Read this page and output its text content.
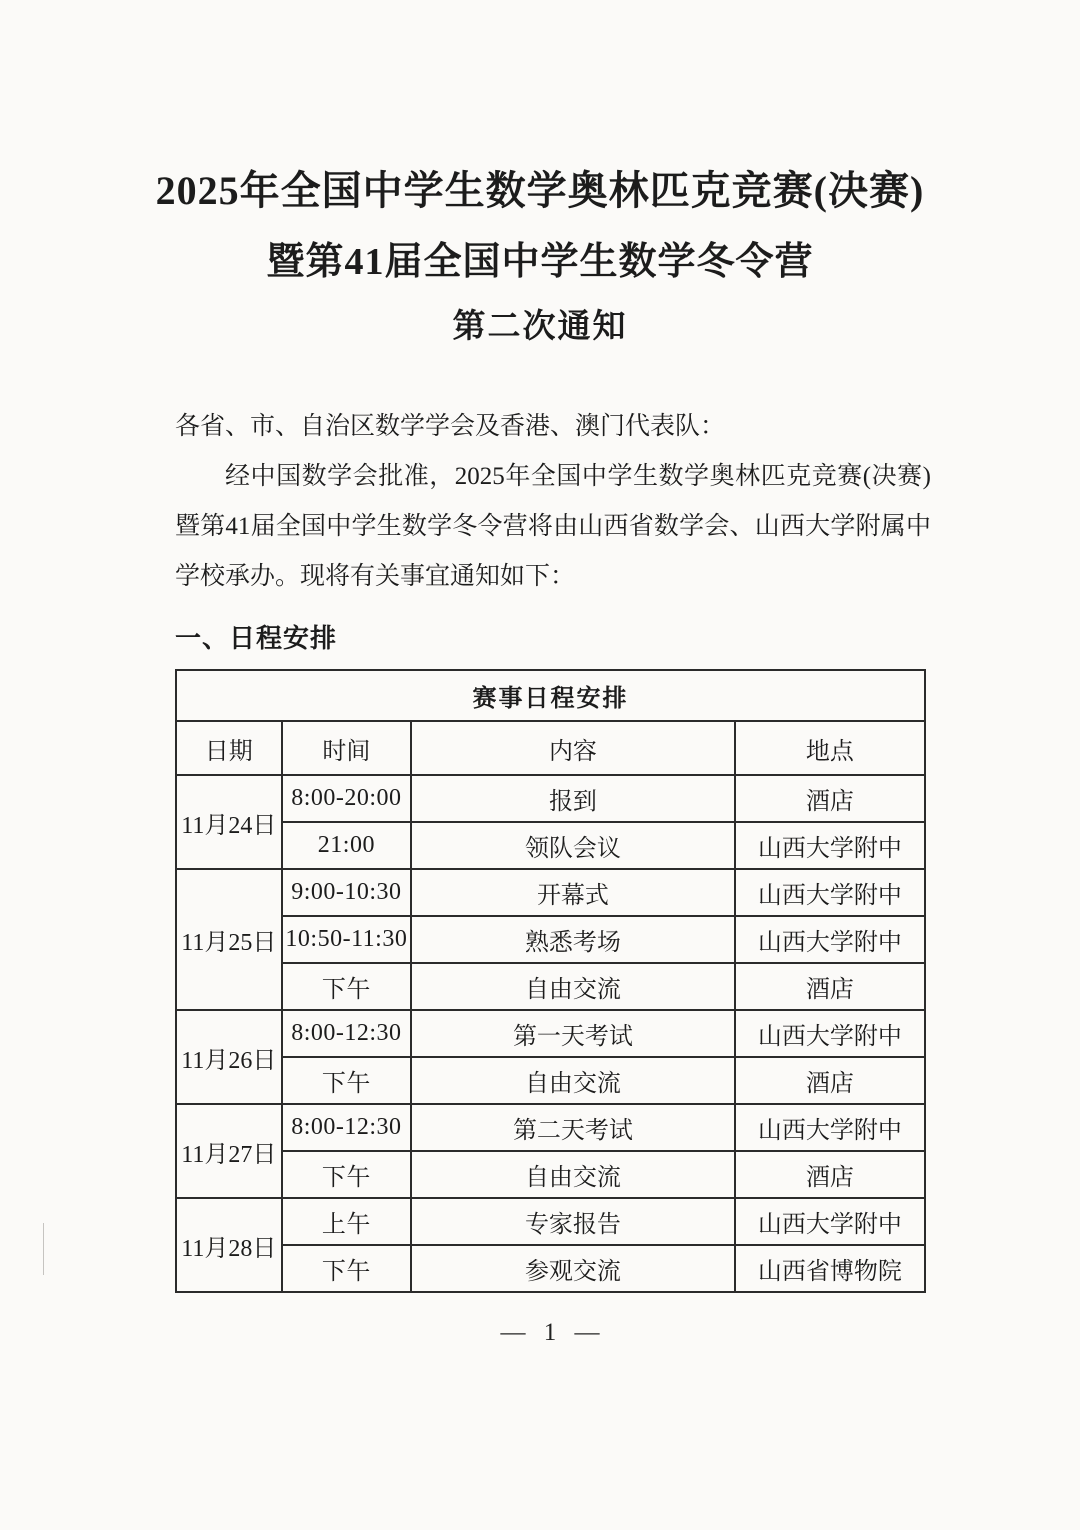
2025年全国中学生数学奥林匹克竞赛(决赛)
暨第41届全国中学生数学冬令营
第二次通知
各省、市、自治区数学学会及香港、澳门代表队：

经中国数学会批准，2025年全国中学生数学奥林匹克竞赛(决赛)暨第41届全国中学生数学冬令营将由山西省数学会、山西大学附属中学校承办。现将有关事宜通知如下：

一、日程安排
赛事日程安排			
日期	时间	内容	地点
11月24日	8:00-20:00	报到	酒店
	21:00	领队会议	山西大学附中
11月25日	9:00-10:30	开幕式	山西大学附中
	10:50-11:30	熟悉考场	山西大学附中
	下午	自由交流	酒店
11月26日	8:00-12:30	第一天考试	山西大学附中
	下午	自由交流	酒店
11月27日	8:00-12:30	第二天考试	山西大学附中
	下午	自由交流	酒店
11月28日	上午	专家报告	山西大学附中
	下午	参观交流	山西省博物院
— 1 —
